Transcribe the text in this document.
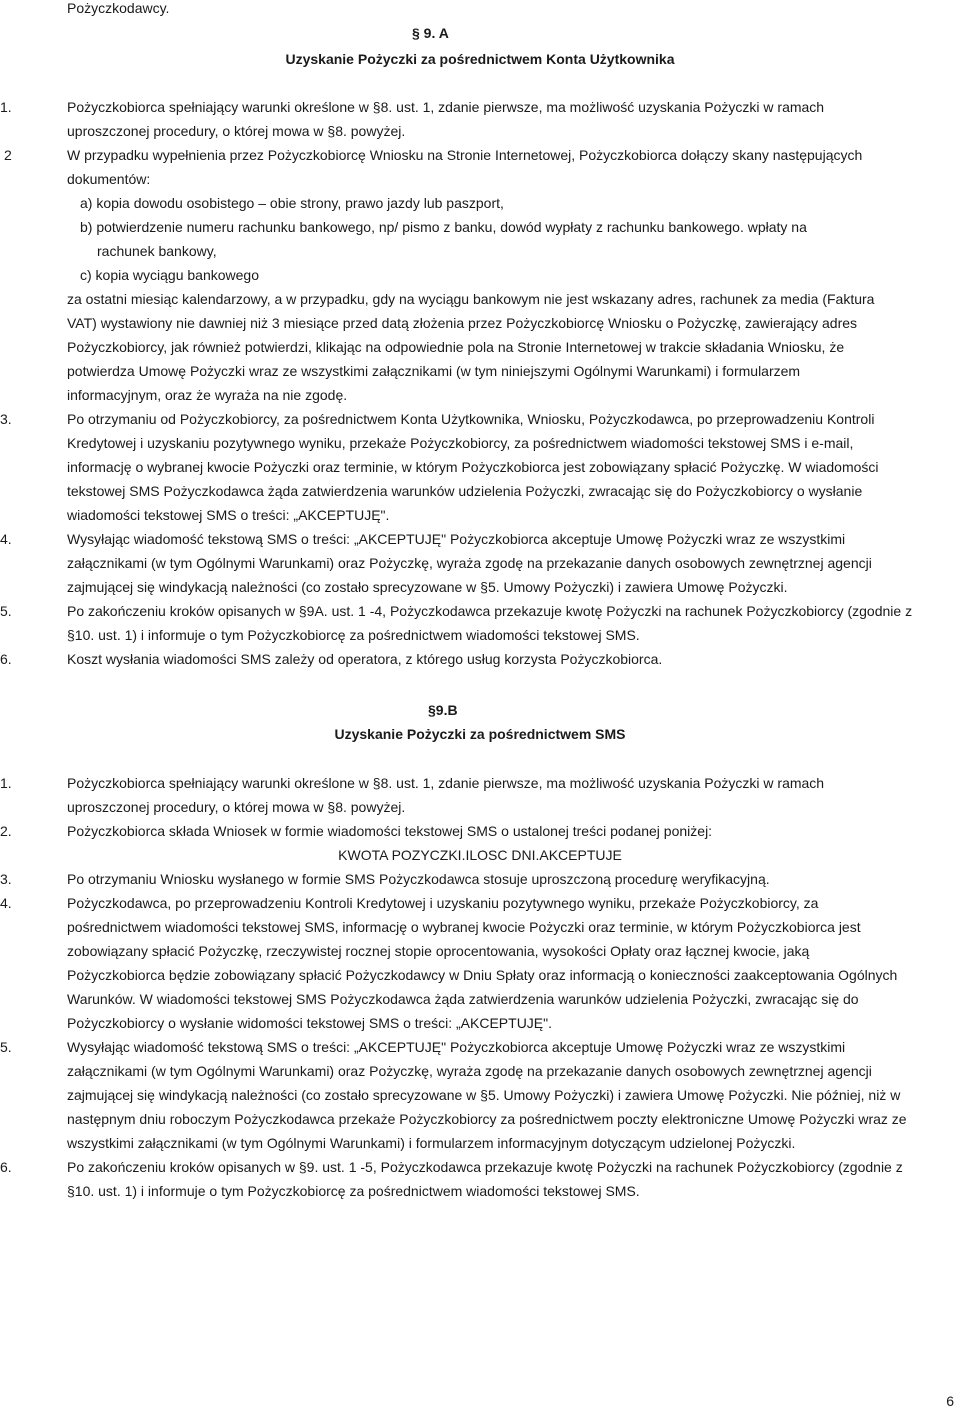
Pożyczkodawcy.
§ 9. A
Uzyskanie Pożyczki za pośrednictwem Konta Użytkownika
1.	Pożyczkobiorca spełniający warunki określone w §8. ust. 1, zdanie pierwsze, ma możliwość uzyskania Pożyczki w ramach
uproszczonej procedury, o której mowa w §8. powyżej.
2	W przypadku wypełnienia przez Pożyczkobiorcę Wniosku na Stronie Internetowej, Pożyczkobiorca dołączy skany następujących
dokumentów:
a) kopia dowodu osobistego – obie strony, prawo jazdy lub paszport,
b) potwierdzenie numeru rachunku bankowego, np/ pismo z banku, dowód wypłaty z rachunku bankowego. wpłaty na
rachunek bankowy,
c) kopia wyciągu bankowego
za ostatni miesiąc kalendarzowy, a w przypadku, gdy na wyciągu bankowym nie jest wskazany adres, rachunek za media (Faktura
VAT) wystawiony nie dawniej niż 3 miesiące przed datą złożenia przez Pożyczkobiorcę Wniosku o Pożyczkę, zawierający adres
Pożyczkobiorcy, jak również potwierdzi, klikając na odpowiednie pola na Stronie Internetowej w trakcie składania Wniosku, że
potwierdza Umowę Pożyczki wraz ze wszystkimi załącznikami (w tym niniejszymi Ogólnymi Warunkami) i formularzem
informacyjnym, oraz że wyraża na nie zgodę.
3.	Po otrzymaniu od Pożyczkobiorcy, za pośrednictwem Konta Użytkownika, Wniosku, Pożyczkodawca, po przeprowadzeniu Kontroli
Kredytowej i uzyskaniu pozytywnego wyniku, przekaże Pożyczkobiorcy, za pośrednictwem wiadomości tekstowej SMS i e-mail,
informację o wybranej kwocie Pożyczki oraz terminie, w którym Pożyczkobiorca jest zobowiązany spłacić Pożyczkę. W wiadomości
tekstowej SMS Pożyczkodawca żąda zatwierdzenia warunków udzielenia Pożyczki, zwracając się do Pożyczkobiorcy o wysłanie
wiadomości tekstowej SMS o treści: „AKCEPTUJĘ".
4.	Wysyłając wiadomość tekstową SMS o treści: „AKCEPTUJĘ" Pożyczkobiorca akceptuje Umowę Pożyczki wraz ze wszystkimi
załącznikami (w tym Ogólnymi Warunkami) oraz Pożyczkę, wyraża zgodę na przekazanie danych osobowych zewnętrznej agencji
zajmującej się windykacją należności (co zostało sprecyzowane w §5. Umowy Pożyczki) i zawiera Umowę Pożyczki.
5.	Po zakończeniu kroków opisanych w §9A. ust. 1 -4, Pożyczkodawca przekazuje kwotę Pożyczki na rachunek Pożyczkobiorcy (zgodnie z
§10. ust. 1) i informuje o tym Pożyczkobiorcę za pośrednictwem wiadomości tekstowej SMS.
6.	Koszt wysłania wiadomości SMS zależy od operatora, z którego usług korzysta Pożyczkobiorca.
§9.B
Uzyskanie Pożyczki za pośrednictwem SMS
1.	Pożyczkobiorca spełniający warunki określone w §8. ust. 1, zdanie pierwsze, ma możliwość uzyskania Pożyczki w ramach
uproszczonej procedury, o której mowa w §8. powyżej.
2.	Pożyczkobiorca składa Wniosek w formie wiadomości tekstowej SMS o ustalonej treści podanej poniżej:
KWOTA POZYCZKI.ILOSC DNI.AKCEPTUJE
3.	Po otrzymaniu Wniosku wysłanego w formie SMS Pożyczkodawca stosuje uproszczoną procedurę weryfikacyjną.
4.	Pożyczkodawca, po przeprowadzeniu Kontroli Kredytowej i uzyskaniu pozytywnego wyniku, przekaże Pożyczkobiorcy, za
pośrednictwem wiadomości tekstowej SMS, informację o wybranej kwocie Pożyczki oraz terminie, w którym Pożyczkobiorca jest
zobowiązany spłacić Pożyczkę, rzeczywistej rocznej stopie oprocentowania, wysokości Opłaty oraz łącznej kwocie, jaką
Pożyczkobiorca będzie zobowiązany spłacić Pożyczkodawcy w Dniu Spłaty oraz informacją o konieczności zaakceptowania Ogólnych
Warunków. W wiadomości tekstowej SMS Pożyczkodawca żąda zatwierdzenia warunków udzielenia Pożyczki, zwracając się do
Pożyczkobiorcy o wysłanie widomości tekstowej SMS o treści: „AKCEPTUJĘ".
5.	Wysyłając wiadomość tekstową SMS o treści: „AKCEPTUJĘ" Pożyczkobiorca akceptuje Umowę Pożyczki wraz ze wszystkimi
załącznikami (w tym Ogólnymi Warunkami) oraz Pożyczkę, wyraża zgodę na przekazanie danych osobowych zewnętrznej agencji
zajmującej się windykacją należności (co zostało sprecyzowane w §5. Umowy Pożyczki) i zawiera Umowę Pożyczki. Nie później, niż w
następnym dniu roboczym Pożyczkodawca przekaże Pożyczkobiorcy za pośrednictwem poczty elektroniczne Umowę Pożyczki wraz ze
wszystkimi załącznikami (w tym Ogólnymi Warunkami) i formularzem informacyjnym dotyczącym udzielonej Pożyczki.
6.	Po zakończeniu kroków opisanych w §9. ust. 1 -5, Pożyczkodawca przekazuje kwotę Pożyczki na rachunek Pożyczkobiorcy (zgodnie z
§10. ust. 1) i informuje o tym Pożyczkobiorcę za pośrednictwem wiadomości tekstowej SMS.
6
